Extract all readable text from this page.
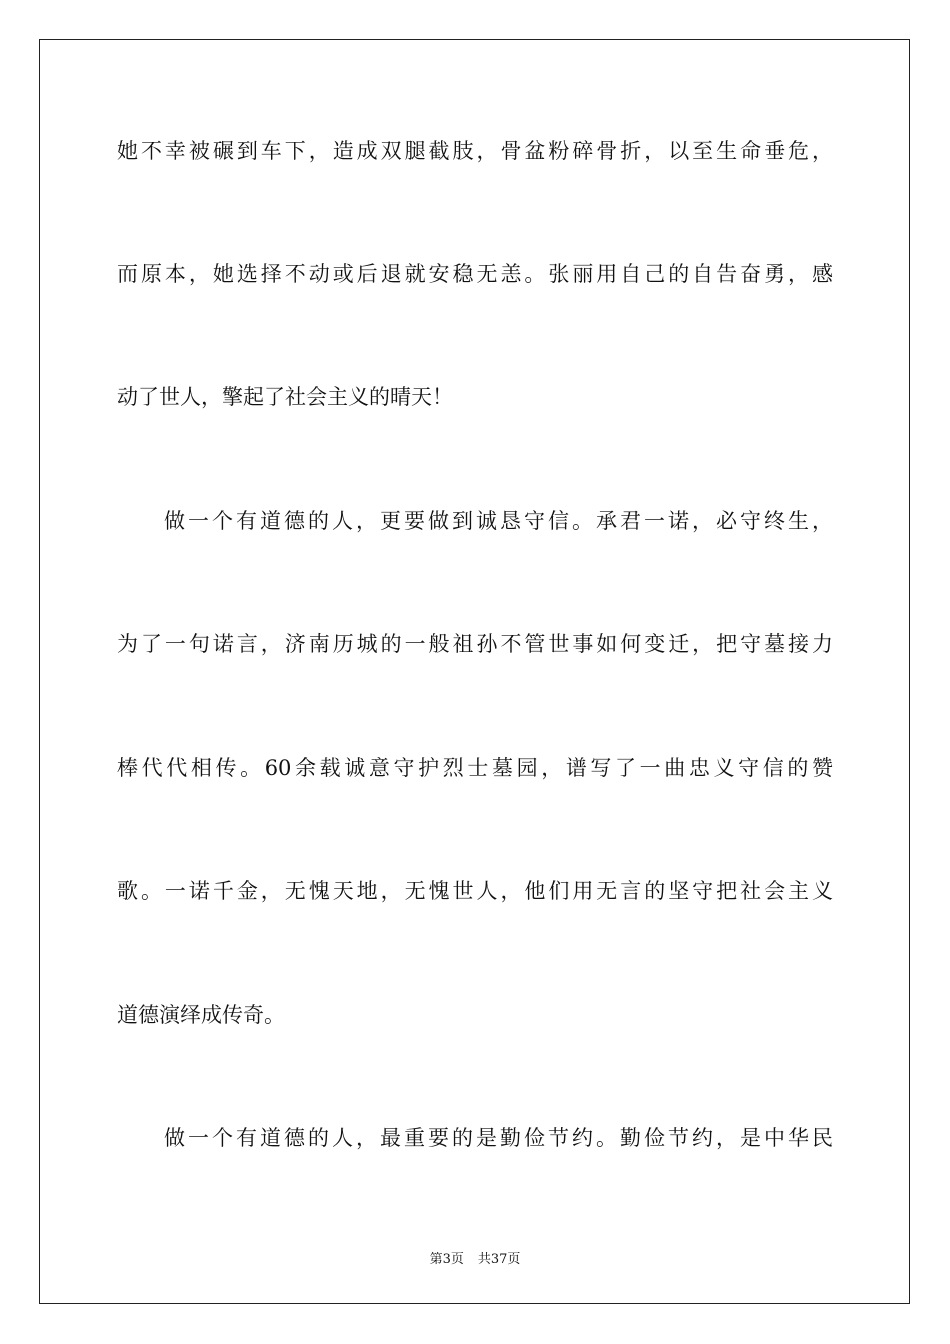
她不幸被碾到车下，造成双腿截肢，骨盆粉碎骨折，以至生命垂危，
而原本，她选择不动或后退就安稳无恙。张丽用自己的自告奋勇，感
动了世人，擎起了社会主义的晴天！
做一个有道德的人，更要做到诚恳守信。承君一诺，必守终生，
为了一句诺言，济南历城的一般祖孙不管世事如何变迁，把守墓接力
棒代代相传。60余载诚意守护烈士墓园，谱写了一曲忠义守信的赞
歌。一诺千金，无愧天地，无愧世人，他们用无言的坚守把社会主义
道德演绎成传奇。
做一个有道德的人，最重要的是勤俭节约。勤俭节约，是中华民
第3页 共37页
